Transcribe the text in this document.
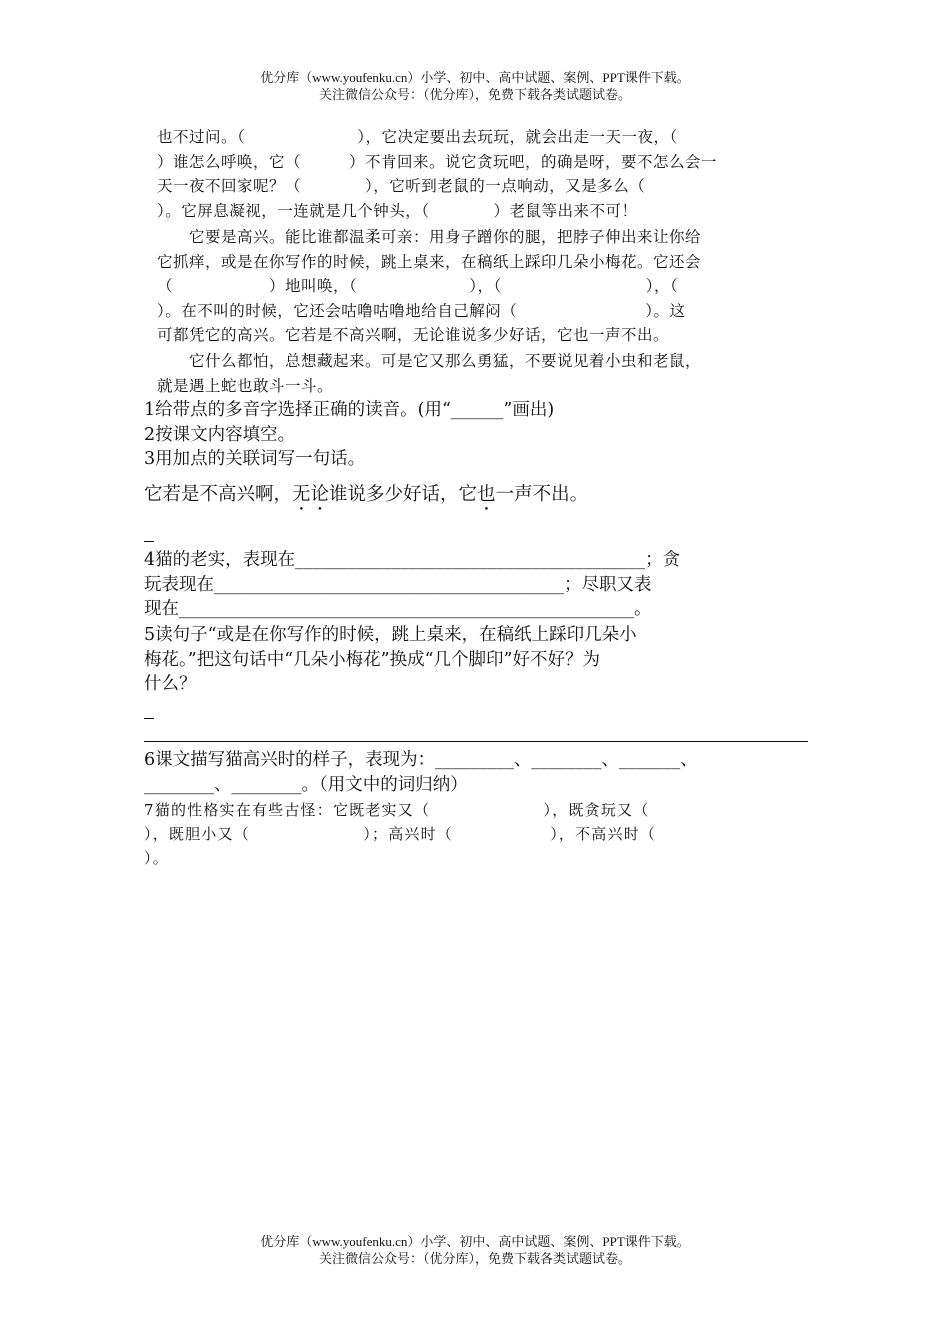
优分库（www.youfenku.cn）小学、初中、高中试题、案例、PPT课件下载。
关注微信公众号：（优分库），免费下载各类试题试卷。
也不过问。（　　　　　　　），它决定要出去玩玩，就会出走一天一夜，（
）谁怎么呼唤，它（　　　）不肯回来。说它贪玩吧，的确是呀，要不怎么会一
天一夜不回家呢？（　　　　），它听到老鼠的一点响动，又是多么（
）。它屏息凝视，一连就是几个钟头，（　　　　）老鼠等出来不可！
　　它要是高兴。能比谁都温柔可亲：用身子蹭你的腿，把脖子伸出来让你给
它抓痒，或是在你写作的时候，跳上桌来，在稿纸上踩印几朵小梅花。它还会
（　　　　　　）地叫唤，（　　　　　　　），（　　　　　　　　　），（
）。在不叫的时候，它还会咕噜咕噜地给自己解闷（　　　　　　　　）。这
可都凭它的高兴。它若是不高兴啊，无论谁说多少好话，它也一声不出。
　　它什么都怕，总想藏起来。可是它又那么勇猛，不要说见着小虫和老鼠，
就是遇上蛇也敢斗一斗。
1给带点的多音字选择正确的读音。(用“______”画出)
2按课文内容填空。
3用加点的关联词写一句话。
它若是不高兴啊，无论谁说多少好话，它也一声不出。
4猫的老实，表现在________________________________________；贪
玩表现在________________________________________；尽职又表
现在____________________________________________________。
5读句子“或是在你写作的时候，跳上桌来，在稿纸上踩印几朵小
梅花。”把这句话中“几朵小梅花”换成“几个脚印”好不好？为
什么？
6课文描写猫高兴时的样子，表现为：_________、________、_______、
________、________。（用文中的词归纳）
7猫的性格实在有些古怪：它既老实又（　　　　　　　），既贪玩又（
），既胆小又（　　　　　　　）；高兴时（　　　　　　），不高兴时（
）。
优分库（www.youfenku.cn）小学、初中、高中试题、案例、PPT课件下载。
关注微信公众号：（优分库），免费下载各类试题试卷。
